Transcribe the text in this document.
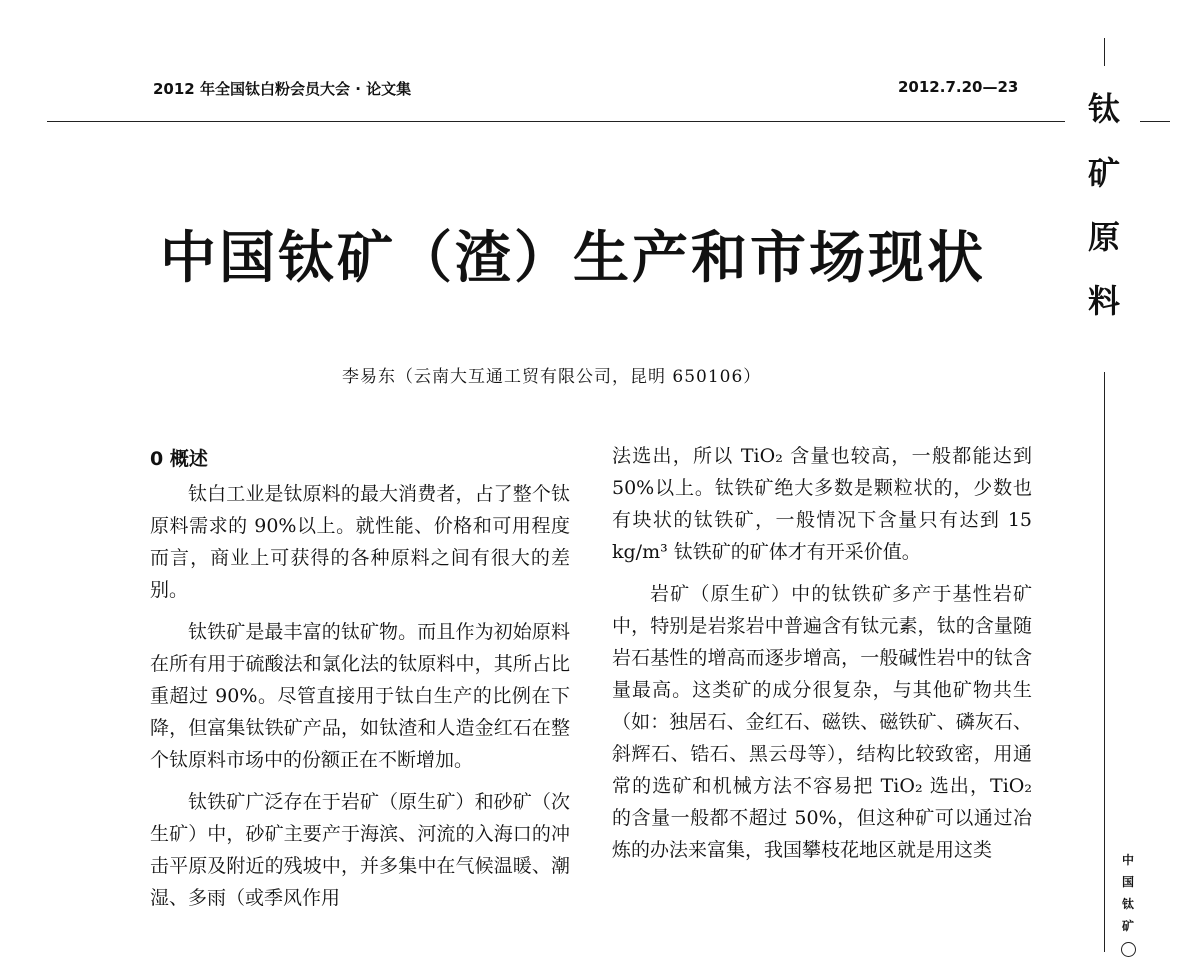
2012 年全国钛白粉会员大会 · 论文集	2012.7.20—23
钛
矿
原
料
中
国
钛
矿
中国钛矿（渣）生产和市场现状
李易东（云南大互通工贸有限公司，昆明 650106）
0 概述

钛白工业是钛原料的最大消费者，占了整个钛原料需求的 90%以上。就性能、价格和可用程度而言，商业上可获得的各种原料之间有很大的差别。

钛铁矿是最丰富的钛矿物。而且作为初始原料在所有用于硫酸法和氯化法的钛原料中，其所占比重超过 90%。尽管直接用于钛白生产的比例在下降，但富集钛铁矿产品，如钛渣和人造金红石在整个钛原料市场中的份额正在不断增加。

钛铁矿广泛存在于岩矿（原生矿）和砂矿（次生矿）中，砂矿主要产于海滨、河流的入海口的冲击平原及附近的残坡中，并多集中在气候温暖、潮湿、多雨（或季风作用

法选出，所以 TiO₂ 含量也较高，一般都能达到 50%以上。钛铁矿绝大多数是颗粒状的，少数也有块状的钛铁矿，一般情况下含量只有达到 15 kg/m³ 钛铁矿的矿体才有开采价值。

岩矿（原生矿）中的钛铁矿多产于基性岩矿中，特别是岩浆岩中普遍含有钛元素，钛的含量随岩石基性的增高而逐步增高，一般碱性岩中的钛含量最高。这类矿的成分很复杂，与其他矿物共生（如：独居石、金红石、磁铁、磁铁矿、磷灰石、斜辉石、锆石、黑云母等），结构比较致密，用通常的选矿和机械方法不容易把 TiO₂ 选出，TiO₂ 的含量一般都不超过 50%，但这种矿可以通过冶炼的办法来富集，我国攀枝花地区就是用这类
